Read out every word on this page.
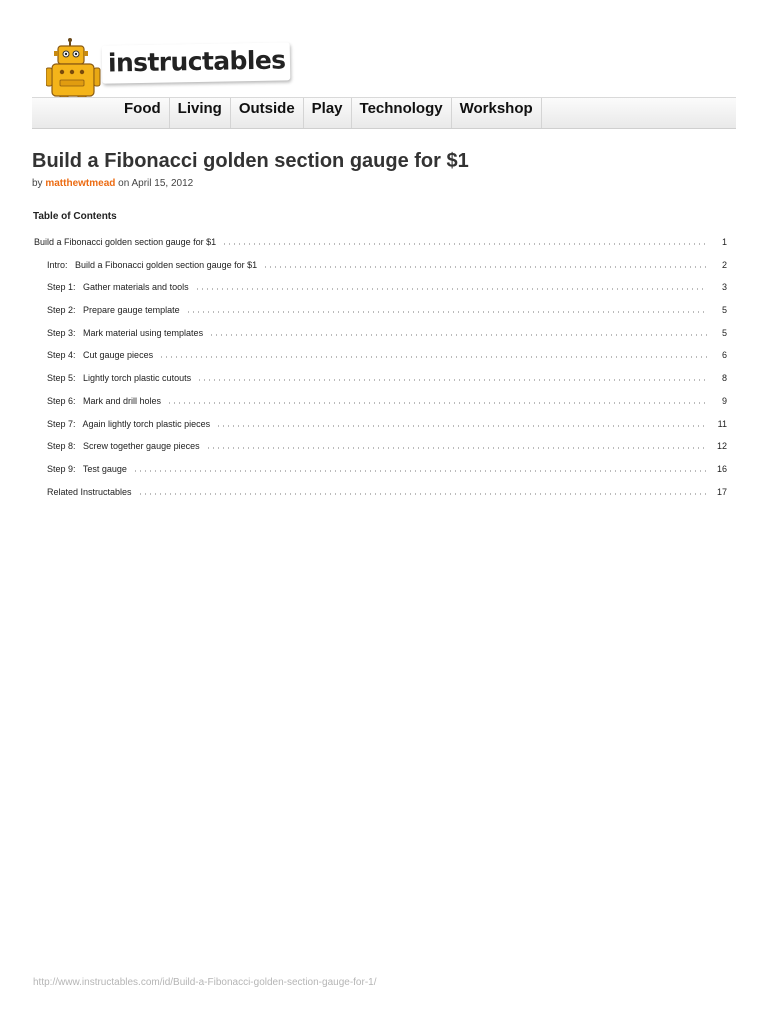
instructables
Food	Living	Outside	Play	Technology	Workshop
Build a Fibonacci golden section gauge for $1
by matthewtmead on April 15, 2012
Table of Contents
Build a Fibonacci golden section gauge for $1	1
Intro:   Build a Fibonacci golden section gauge for $1	2
Step 1:   Gather materials and tools	3
Step 2:   Prepare gauge template	5
Step 3:   Mark material using templates	5
Step 4:   Cut gauge pieces	6
Step 5:   Lightly torch plastic cutouts	8
Step 6:   Mark and drill holes	9
Step 7:   Again lightly torch plastic pieces	11
Step 8:   Screw together gauge pieces	12
Step 9:   Test gauge	16
Related Instructables	17
http://www.instructables.com/id/Build-a-Fibonacci-golden-section-gauge-for-1/
